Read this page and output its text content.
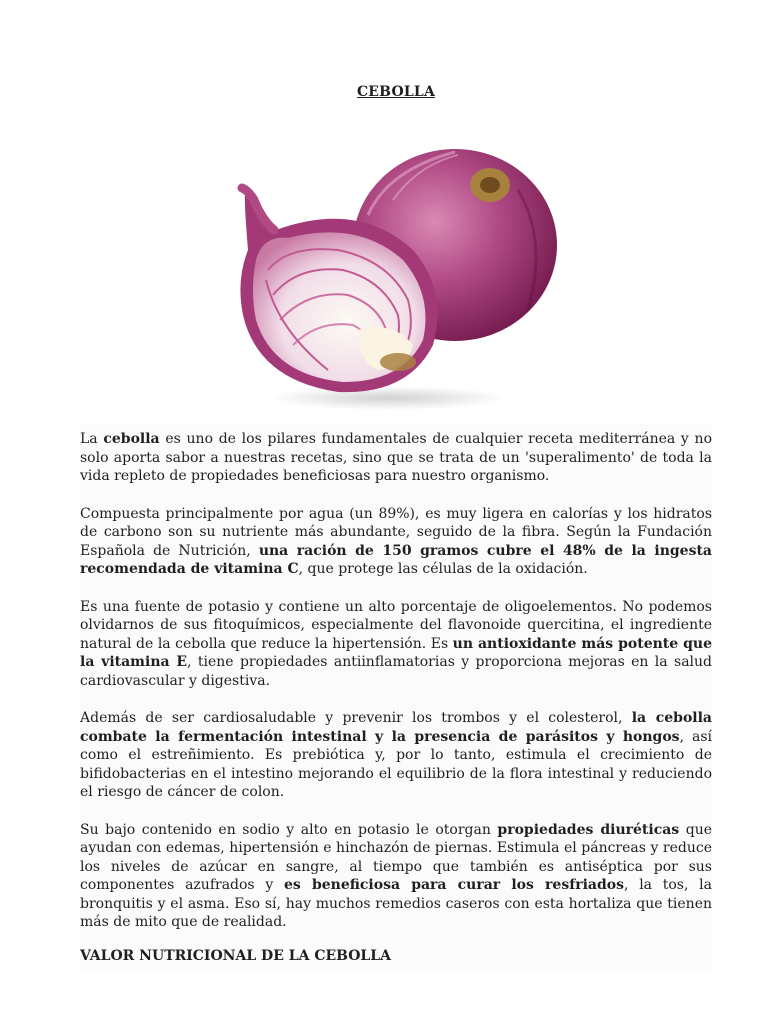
CEBOLLA

La cebolla es uno de los pilares fundamentales de cualquier receta mediterránea y no solo aporta sabor a nuestras recetas, sino que se trata de un 'superalimento' de toda la vida repleto de propiedades beneficiosas para nuestro organismo.

Compuesta principalmente por agua (un 89%), es muy ligera en calorías y los hidratos de carbono son su nutriente más abundante, seguido de la fibra. Según la Fundación Española de Nutrición, una ración de 150 gramos cubre el 48% de la ingesta recomendada de vitamina C, que protege las células de la oxidación.

Es una fuente de potasio y contiene un alto porcentaje de oligoelementos. No podemos olvidarnos de sus fitoquímicos, especialmente del flavonoide quercitina, el ingrediente natural de la cebolla que reduce la hipertensión. Es un antioxidante más potente que la vitamina E, tiene propiedades antiinflamatorias y proporciona mejoras en la salud cardiovascular y digestiva.

Además de ser cardiosaludable y prevenir los trombos y el colesterol, la cebolla combate la fermentación intestinal y la presencia de parásitos y hongos, así como el estreñimiento. Es prebiótica y, por lo tanto, estimula el crecimiento de bifidobacterias en el intestino mejorando el equilibrio de la flora intestinal y reduciendo el riesgo de cáncer de colon.

Su bajo contenido en sodio y alto en potasio le otorgan propiedades diuréticas que ayudan con edemas, hipertensión e hinchazón de piernas. Estimula el páncreas y reduce los niveles de azúcar en sangre, al tiempo que también es antiséptica por sus componentes azufrados y es beneficiosa para curar los resfriados, la tos, la bronquitis y el asma. Eso sí, hay muchos remedios caseros con esta hortaliza que tienen más de mito que de realidad.

VALOR NUTRICIONAL DE LA CEBOLLA
